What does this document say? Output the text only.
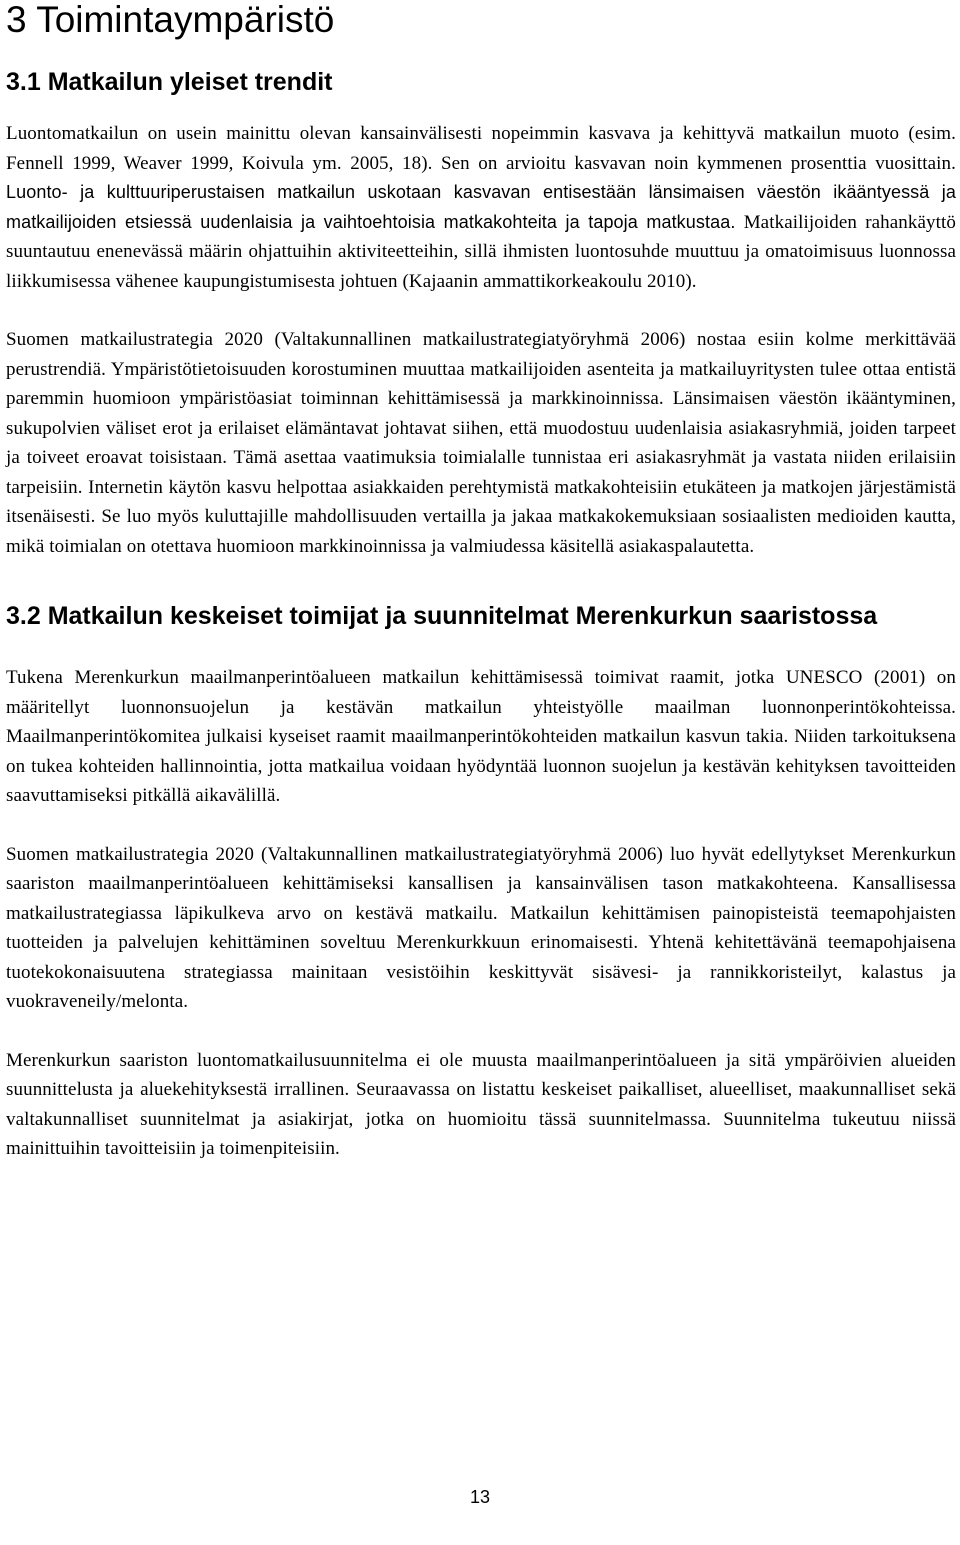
3 Toimintaympäristö
3.1 Matkailun yleiset trendit

Luontomatkailun on usein mainittu olevan kansainvälisesti nopeimmin kasvava ja kehittyvä matkailun muoto (esim. Fennell 1999, Weaver 1999, Koivula ym. 2005, 18). Sen on arvioitu kasvavan noin kymmenen prosenttia vuosittain. Luonto- ja kulttuuriperustaisen matkailun uskotaan kasvavan entisestään länsimaisen väestön ikääntyessä ja matkailijoiden etsiessä uudenlaisia ja vaihtoehtoisia matkakohteita ja tapoja matkustaa. Matkailijoiden rahankäyttö suuntautuu enenevässä määrin ohjattuihin aktiviteetteihin, sillä ihmisten luontosuhde muuttuu ja omatoimisuus luonnossa liikkumisessa vähenee kaupungistumisesta johtuen (Kajaanin ammattikorkeakoulu 2010).

Suomen matkailustrategia 2020 (Valtakunnallinen matkailustrategiatyöryhmä 2006) nostaa esiin kolme merkittävää perustrendiä. Ympäristötietoisuuden korostuminen muuttaa matkailijoiden asenteita ja matkailuyritysten tulee ottaa entistä paremmin huomioon ympäristöasiat toiminnan kehittämisessä ja markkinoinnissa. Länsimaisen väestön ikääntyminen, sukupolvien väliset erot ja erilaiset elämäntavat johtavat siihen, että muodostuu uudenlaisia asiakasryhmiä, joiden tarpeet ja toiveet eroavat toisistaan. Tämä asettaa vaatimuksia toimialalle tunnistaa eri asiakasryhmät ja vastata niiden erilaisiin tarpeisiin. Internetin käytön kasvu helpottaa asiakkaiden perehtymistä matkakohteisiin etukäteen ja matkojen järjestämistä itsenäisesti. Se luo myös kuluttajille mahdollisuuden vertailla ja jakaa matkakokemuksiaan sosiaalisten medioiden kautta, mikä toimialan on otettava huomioon markkinoinnissa ja valmiudessa käsitellä asiakaspalautetta.

3.2 Matkailun keskeiset toimijat ja suunnitelmat Merenkurkun saaristossa

Tukena Merenkurkun maailmanperintöalueen matkailun kehittämisessä toimivat raamit, jotka UNESCO (2001) on määritellyt luonnonsuojelun ja kestävän matkailun yhteistyölle maailman luonnonperintökohteissa. Maailmanperintökomitea julkaisi kyseiset raamit maailmanperintökohteiden matkailun kasvun takia. Niiden tarkoituksena on tukea kohteiden hallinnointia, jotta matkailua voidaan hyödyntää luonnon suojelun ja kestävän kehityksen tavoitteiden saavuttamiseksi pitkällä aikavälillä.

Suomen matkailustrategia 2020 (Valtakunnallinen matkailustrategiatyöryhmä 2006) luo hyvät edellytykset Merenkurkun saariston maailmanperintöalueen kehittämiseksi kansallisen ja kansainvälisen tason matkakohteena. Kansallisessa matkailustrategiassa läpikulkeva arvo on kestävä matkailu. Matkailun kehittämisen painopisteistä teemapohjaisten tuotteiden ja palvelujen kehittäminen soveltuu Merenkurkkuun erinomaisesti. Yhtenä kehitettävänä teemapohjaisena tuotekokonaisuutena strategiassa mainitaan vesistöihin keskittyvät sisävesi- ja rannikkoristeilyt, kalastus ja vuokraveneily/melonta.

Merenkurkun saariston luontomatkailusuunnitelma ei ole muusta maailmanperintöalueen ja sitä ympäröivien alueiden suunnittelusta ja aluekehityksestä irrallinen. Seuraavassa on listattu keskeiset paikalliset, alueelliset, maakunnalliset sekä valtakunnalliset suunnitelmat ja asiakirjat, jotka on huomioitu tässä suunnitelmassa. Suunnitelma tukeutuu niissä mainittuihin tavoitteisiin ja toimenpiteisiin.

13
